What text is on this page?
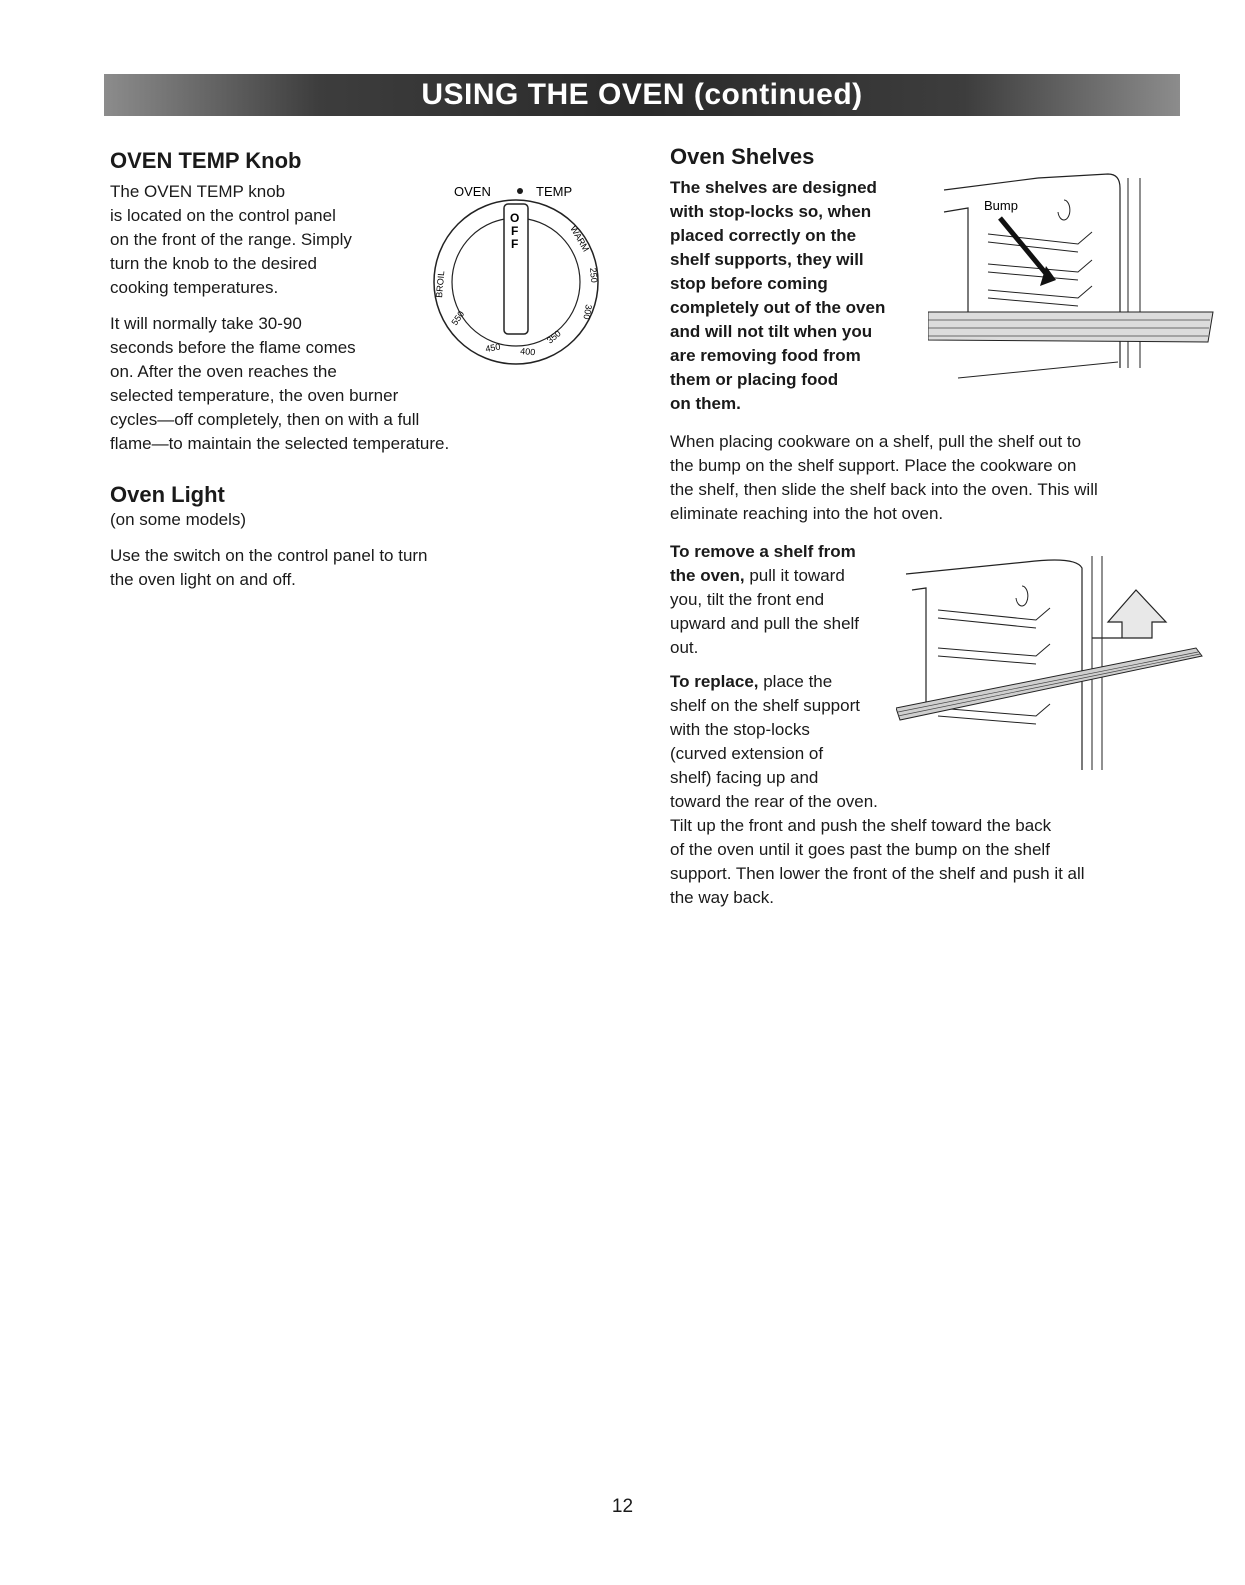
USING THE OVEN (continued)
OVEN TEMP Knob

The OVEN TEMP knob

is located on the control panel

on the front of the range. Simply

turn the knob to the desired

cooking temperatures.

It will normally take 30-90

seconds before the flame comes

on. After the oven reaches the

selected temperature, the oven burner

cycles—off completely, then on with a full

flame—to maintain the selected temperature.

Oven Light

(on some models)

Use the switch on the control panel to turn

the oven light on and off.

OVEN	TEMP
O
F
F
BROIL
550
450 400
350
WARM
250
300
Oven Shelves

The shelves are designed

with stop-locks so, when

placed correctly on the

shelf supports, they will

stop before coming

completely out of the oven

and will not tilt when you

are removing food from

them or placing food

on them.

When placing cookware on a shelf, pull the shelf out to

the bump on the shelf support. Place the cookware on

the shelf, then slide the shelf back into the oven. This will

eliminate reaching into the hot oven.

To remove a shelf from

the oven, pull it toward

you, tilt the front end

upward and pull the shelf

out.

To replace, place the

shelf on the shelf support

with the stop-locks

(curved extension of

shelf) facing up and

toward the rear of the oven.

Tilt up the front and push the shelf toward the back

of the oven until it goes past the bump on the shelf

support. Then lower the front of the shelf and push it all

the way back.

Bump
12
